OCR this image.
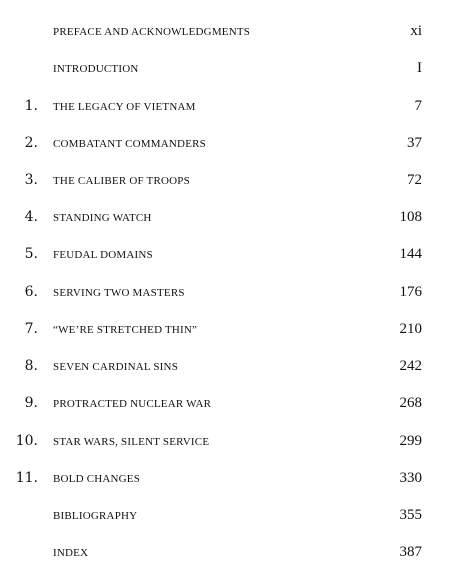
PREFACE AND ACKNOWLEDGMENTS	xi
INTRODUCTION	I
1. THE LEGACY OF VIETNAM	7
2. COMBATANT COMMANDERS	37
3. THE CALIBER OF TROOPS	72
4. STANDING WATCH	108
5. FEUDAL DOMAINS	144
6. SERVING TWO MASTERS	176
7. “WE’RE STRETCHED THIN”	210
8. SEVEN CARDINAL SINS	242
9. PROTRACTED NUCLEAR WAR	268
10. STAR WARS, SILENT SERVICE	299
11. BOLD CHANGES	330
BIBLIOGRAPHY	355
INDEX	387
